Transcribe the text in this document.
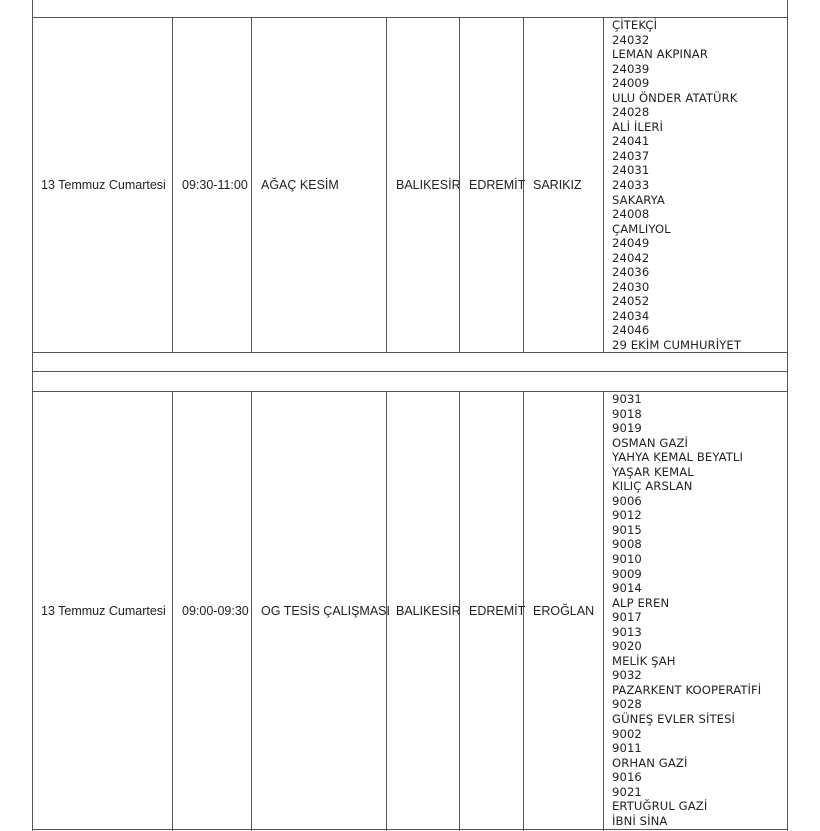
13 Temmuz Cumartesi 09:30-11:00 AĞAÇ KESİM	BALIKESİR EDREMİT SARIKIZ
ÇİTEKÇİ
24032
LEMAN AKPINAR
24039
24009
ULU ÖNDER ATATÜRK
24028
ALİ İLERİ
24041
24037
24031
24033
SAKARYA
24008
ÇAMLIYOL
24049
24042
24036
24030
24052
24034
24046
29 EKİM CUMHURİYET
13 Temmuz Cumartesi 09:00-09:30 OG TESİS ÇALIŞMASI BALIKESİR EDREMİT EROĞLAN
9031
9018
9019
OSMAN GAZİ
YAHYA KEMAL BEYATLI
YAŞAR KEMAL
KILIÇ ARSLAN
9006
9012
9015
9008
9010
9009
9014
ALP EREN
9017
9013
9020
MELİK ŞAH
9032
PAZARKENT KOOPERATİFİ
9028
GÜNEŞ EVLER SİTESİ
9002
9011
ORHAN GAZİ
9016
9021
ERTUĞRUL GAZİ
İBNİ SİNA
